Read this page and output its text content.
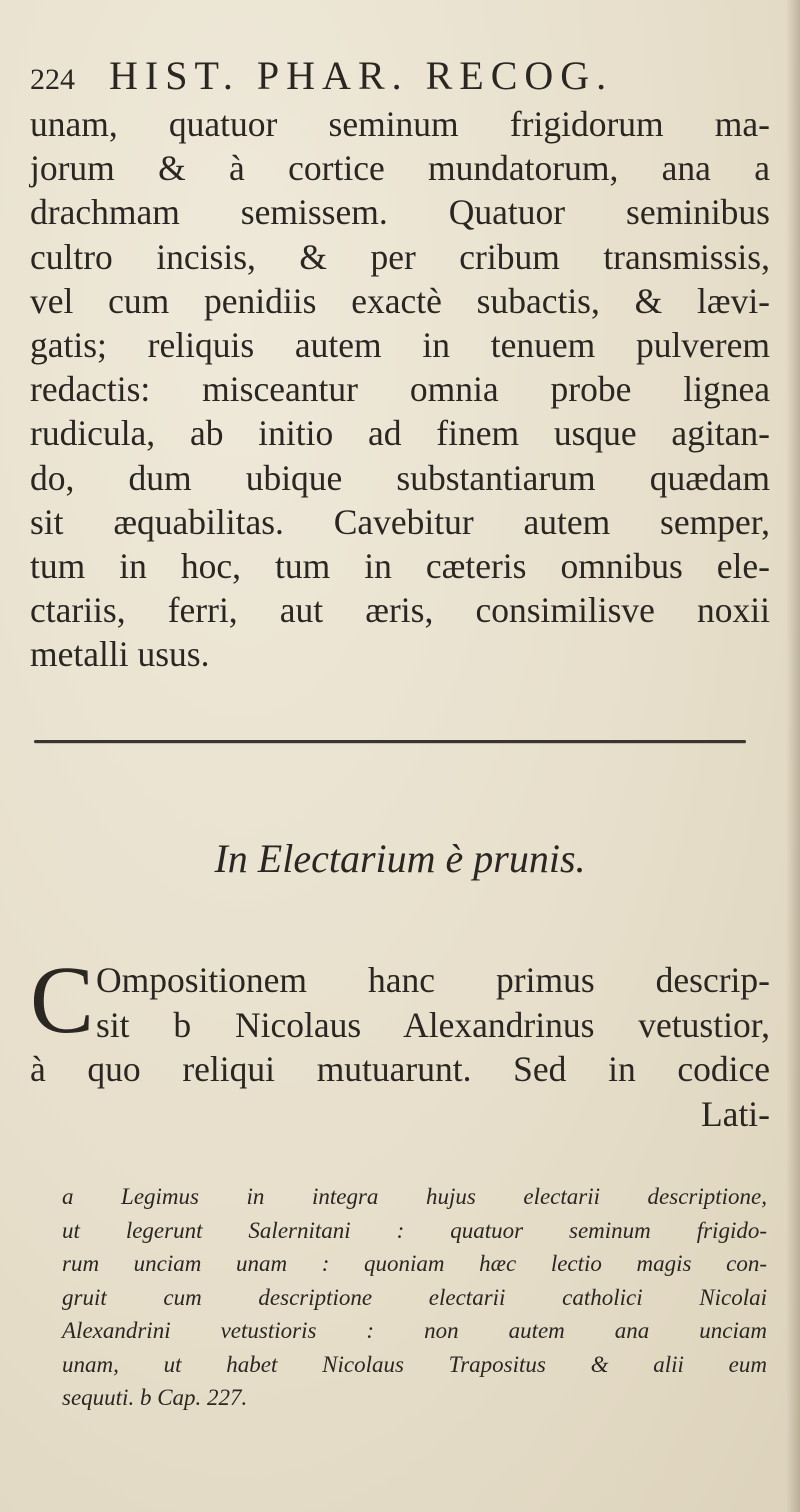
224 HIST. PHAR. RECOG.
unam, quatuor seminum frigidorum ma-
jorum & à cortice mundatorum, ana a
drachmam semissem. Quatuor seminibus
cultro incisis, & per cribum transmissis,
vel cum penidiis exactè subactis, & lævi-
gatis; reliquis autem in tenuem pulverem
redactis: misceantur omnia probe lignea
rudicula, ab initio ad finem usque agitan-
do, dum ubique substantiarum quædam
sit æquabilitas. Cavebitur autem semper,
tum in hoc, tum in cæteris omnibus ele-
ctariis, ferri, aut æris, consimilisve noxii
metalli usus.
In Electarium è prunis.
C Ompositionem hanc primus descrip-
sit b Nicolaus Alexandrinus vetustior,
à quo reliqui mutuarunt. Sed in codice
Lati-
a Legimus in integra hujus electarii descriptione,
ut legerunt Salernitani : quatuor seminum frigido-
rum unciam unam : quoniam hæc lectio magis con-
gruit cum descriptione electarii catholici Nicolai
Alexandrini vetustioris : non autem ana unciam
unam, ut habet Nicolaus Trapositus & alii eum
sequuti. b Cap. 227.
